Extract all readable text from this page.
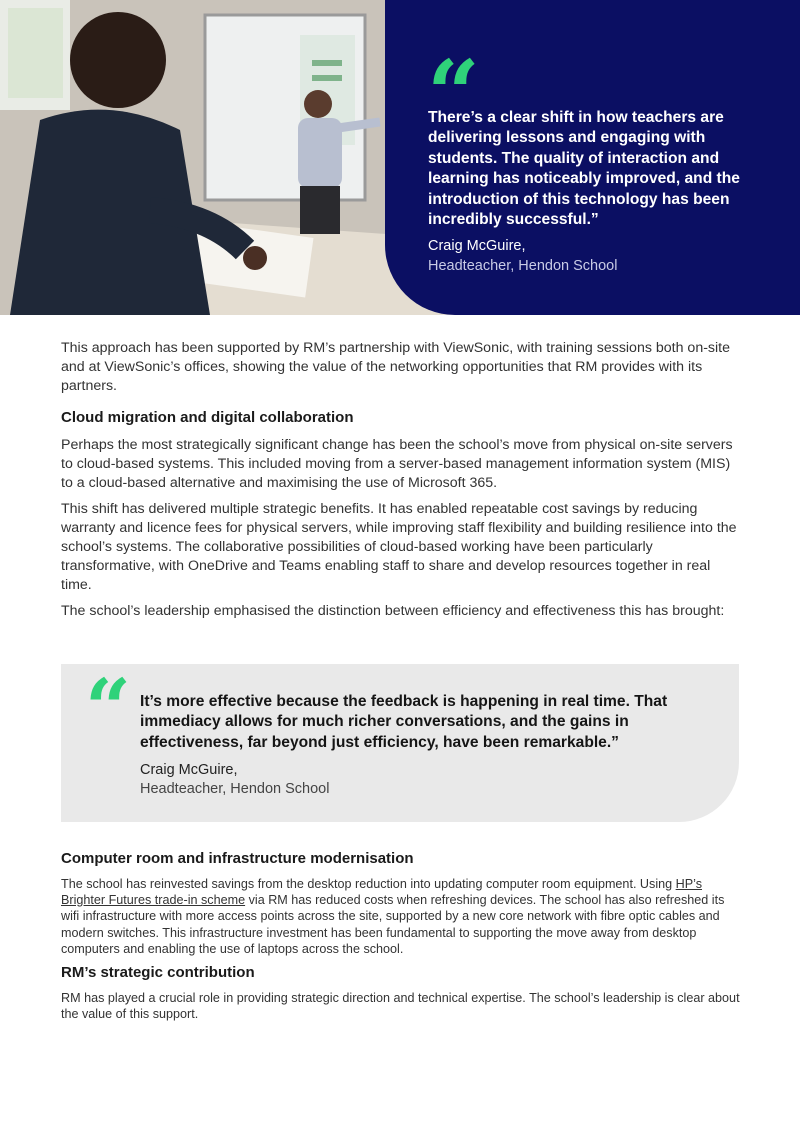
“

There’s a clear shift in how teachers are delivering lessons and engaging with students. The quality of interaction and learning has noticeably improved, and the introduction of this technology has been incredibly successful.”

Craig McGuire,
Headteacher, Hendon School

This approach has been supported by RM’s partnership with ViewSonic, with training sessions both on-site and at ViewSonic’s offices, showing the value of the networking opportunities that RM provides with its partners.

Cloud migration and digital collaboration

Perhaps the most strategically significant change has been the school’s move from physical on-site servers to cloud-based systems. This included moving from a server-based management information system (MIS) to a cloud-based alternative and maximising the use of Microsoft 365.

This shift has delivered multiple strategic benefits. It has enabled repeatable cost savings by reducing warranty and licence fees for physical servers, while improving staff flexibility and building resilience into the school’s systems. The collaborative possibilities of cloud-based working have been particularly transformative, with OneDrive and Teams enabling staff to share and develop resources together in real time.

The school’s leadership emphasised the distinction between efficiency and effectiveness this has brought:

“ It’s more effective because the feedback is happening in real time. That immediacy allows for much richer conversations, and the gains in effectiveness, far beyond just efficiency, have been remarkable.”

Craig McGuire,
Headteacher, Hendon School
Computer room and infrastructure modernisation

The school has reinvested savings from the desktop reduction into updating computer room equipment. Using HP’s Brighter Futures trade-in scheme via RM has reduced costs when refreshing devices. The school has also refreshed its wifi infrastructure with more access points across the site, supported by a new core network with fibre optic cables and modern switches. This infrastructure investment has been fundamental to supporting the move away from desktop computers and enabling the use of laptops across the school.

RM’s strategic contribution

RM has played a crucial role in providing strategic direction and technical expertise. The school’s leadership is clear about the value of this support.
